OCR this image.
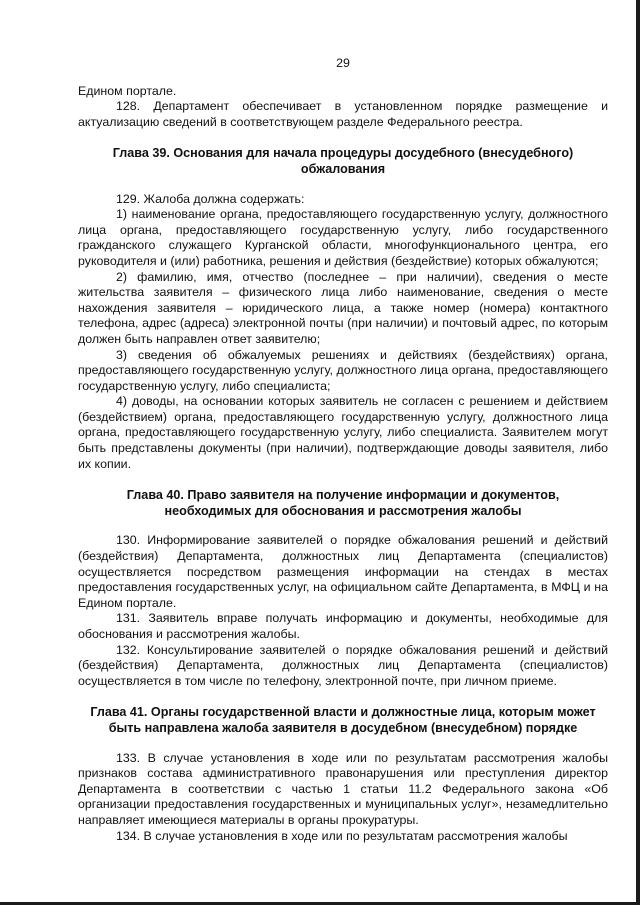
29

Едином портале.

128. Департамент обеспечивает в установленном порядке размещение и актуализацию сведений в соответствующем разделе Федерального реестра.

Глава 39. Основания для начала процедуры досудебного (внесудебного)
обжалования

129. Жалоба должна содержать:

1) наименование органа, предоставляющего государственную услугу, должностного лица органа, предоставляющего государственную услугу, либо государственного гражданского служащего Курганской области, многофункционального центра, его руководителя и (или) работника, решения и действия (бездействие) которых обжалуются;

2) фамилию, имя, отчество (последнее – при наличии), сведения о месте жительства заявителя – физического лица либо наименование, сведения о месте нахождения заявителя – юридического лица, а также номер (номера) контактного телефона, адрес (адреса) электронной почты (при наличии) и почтовый адрес, по которым должен быть направлен ответ заявителю;

3) сведения об обжалуемых решениях и действиях (бездействиях) органа, предоставляющего государственную услугу, должностного лица органа, предоставляющего государственную услугу, либо специалиста;

4) доводы, на основании которых заявитель не согласен с решением и действием (бездействием) органа, предоставляющего государственную услугу, должностного лица органа, предоставляющего государственную услугу, либо специалиста. Заявителем могут быть представлены документы (при наличии), подтверждающие доводы заявителя, либо их копии.

Глава 40. Право заявителя на получение информации и документов,
необходимых для обоснования и рассмотрения жалобы

130. Информирование заявителей о порядке обжалования решений и действий (бездействия) Департамента, должностных лиц Департамента (специалистов) осуществляется посредством размещения информации на стендах в местах предоставления государственных услуг, на официальном сайте Департамента, в МФЦ и на Едином портале.

131. Заявитель вправе получать информацию и документы, необходимые для обоснования и рассмотрения жалобы.

132. Консультирование заявителей о порядке обжалования решений и действий (бездействия) Департамента, должностных лиц Департамента (специалистов) осуществляется в том числе по телефону, электронной почте, при личном приеме.

Глава 41. Органы государственной власти и должностные лица, которым может
быть направлена жалоба заявителя в досудебном (внесудебном) порядке

133. В случае установления в ходе или по результатам рассмотрения жалобы признаков состава административного правонарушения или преступления директор Департамента в соответствии с частью 1 статьи 11.2 Федерального закона «Об организации предоставления государственных и муниципальных услуг», незамедлительно направляет имеющиеся материалы в органы прокуратуры.

134. В случае установления в ходе или по результатам рассмотрения жалобы
